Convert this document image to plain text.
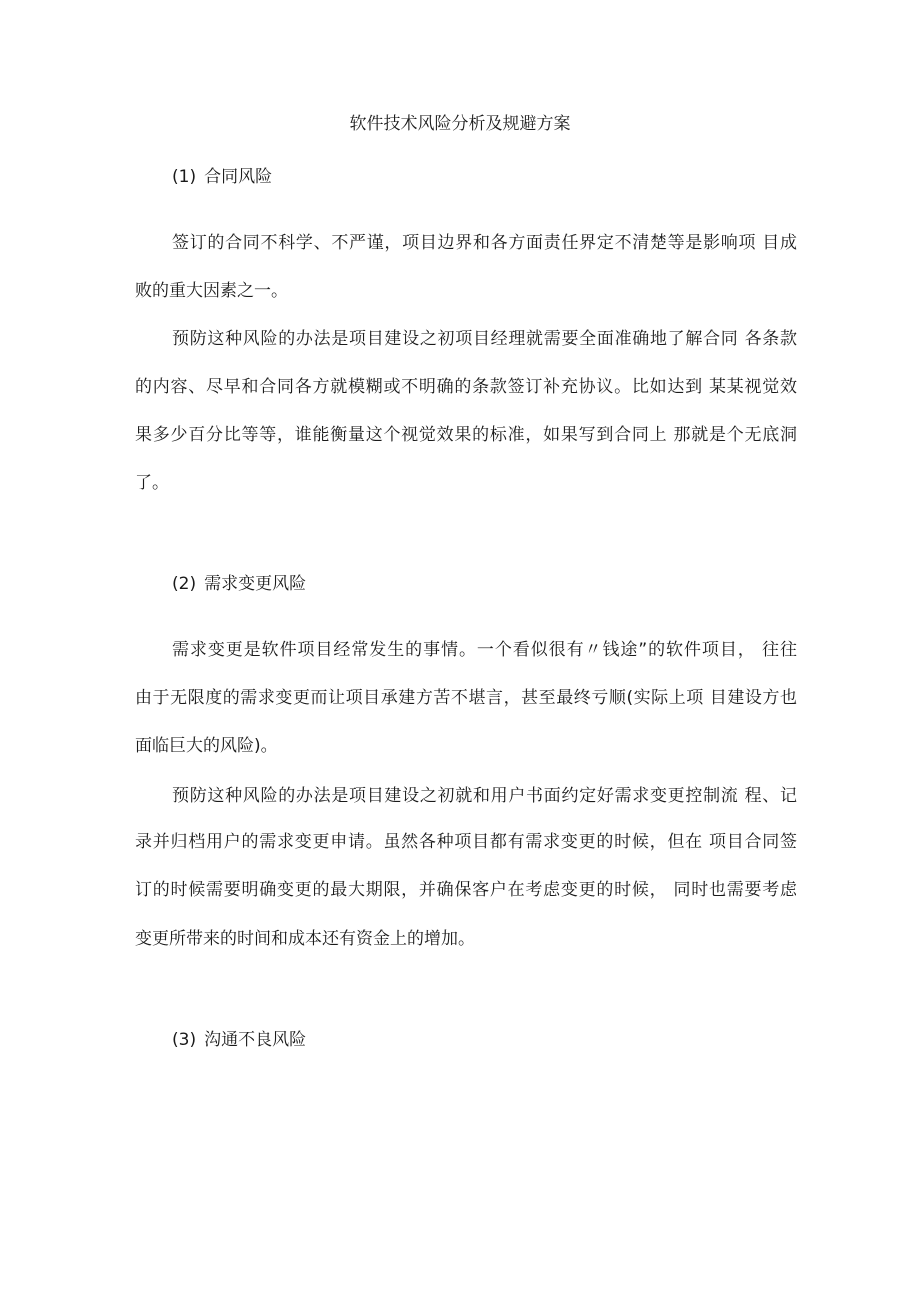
软件技术风险分析及规避方案
(1) 合同风险
签订的合同不科学、不严谨，项目边界和各方面责任界定不清楚等是影响项 目成
败的重大因素之一。
预防这种风险的办法是项目建设之初项目经理就需要全面准确地了解合同 各条款
的内容、尽早和合同各方就模糊或不明确的条款签订补充协议。比如达到 某某视觉效
果多少百分比等等，谁能衡量这个视觉效果的标准，如果写到合同上 那就是个无底洞
了。
(2) 需求变更风险
需求变更是软件项目经常发生的事情。一个看似很有〃钱途”的软件项目， 往往
由于无限度的需求变更而让项目承建方苦不堪言，甚至最终亏顺(实际上项 目建设方也
面临巨大的风险)。
预防这种风险的办法是项目建设之初就和用户书面约定好需求变更控制流 程、记
录并归档用户的需求变更申请。虽然各种项目都有需求变更的时候，但在 项目合同签
订的时候需要明确变更的最大期限，并确保客户在考虑变更的时候， 同时也需要考虑
变更所带来的时间和成本还有资金上的增加。
(3) 沟通不良风险
